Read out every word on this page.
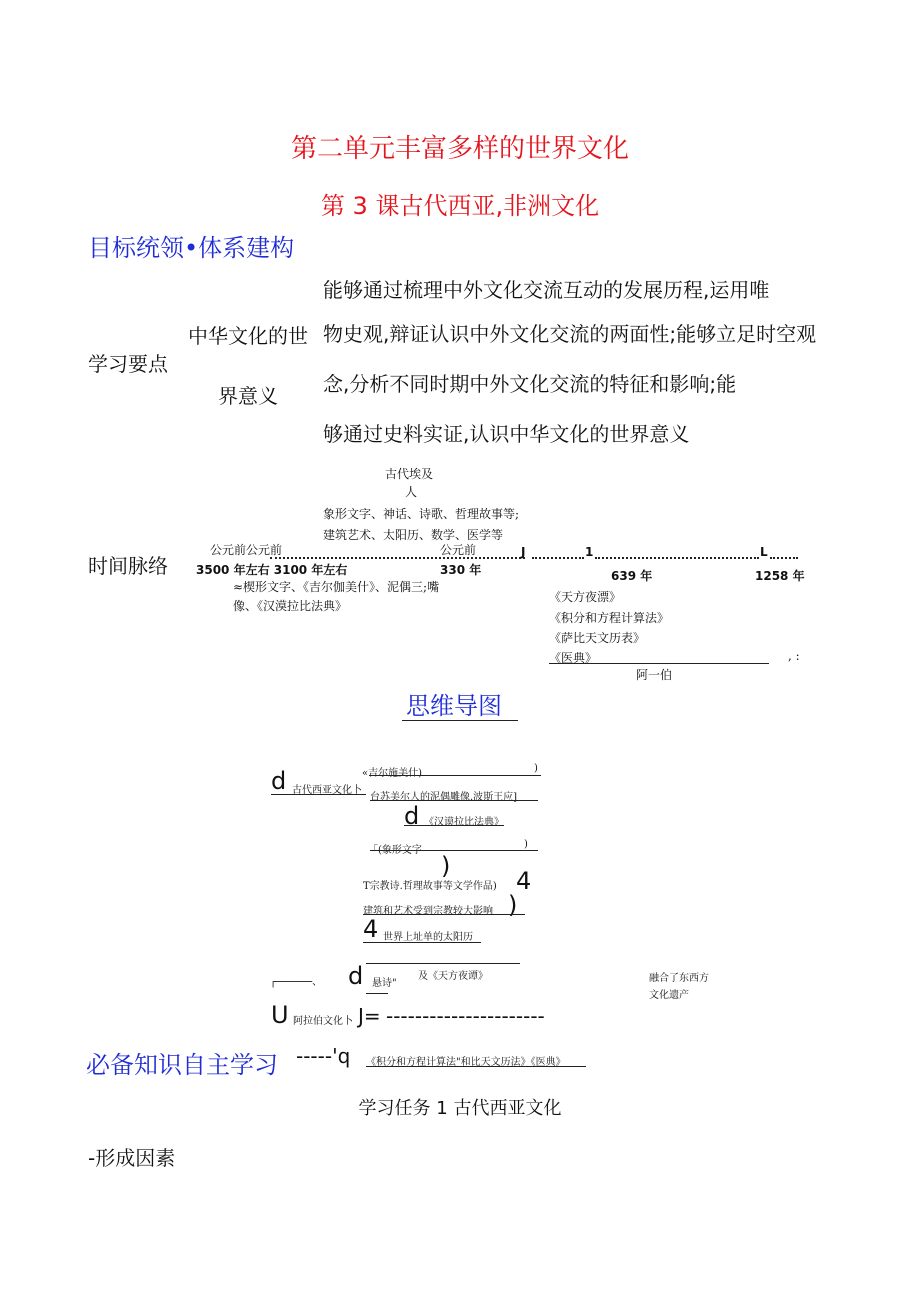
第二单元丰富多样的世界文化
第 3 课古代西亚,非洲文化
目标统领•体系建构
学习要点
中华文化的世
界意义
能够通过梳理中外文化交流互动的发展历程,运用唯
物史观,辩证认识中外文化交流的两面性;能够立足时空观
念,分析不同时期中外文化交流的特征和影响;能
够通过史料实证,认识中华文化的世界意义
时间脉络
古代埃及
人
象形文字、神话、诗歌、哲理故事等;
建筑艺术、太阳历、数学、医学等
公元前公元前	公元前	J	1	L
3500 年左右 3100 年左右	330 年	639 年	1258 年
≈楔形文字、《吉尔伽美什》、泥偶三;嘴
像、《汉漠拉比法典》
《天方夜漂》
《积分和方程计算法》
《萨比天文历表》
《医典》	, :
阿一伯
思维导图
d 古代西亚文化卜
«吉尔施美什)	)
台苏美尔人的泥偶雕像.波斯王应]
d 《汉谟拉比法典》
「(象形文字
)
)
T宗教诗.哲理故事等文学作品) 4
建筑和艺术受到宗教较大影响 )
4 世界上址单的太阳历
┌──────、 d 悬诗"
及《天方夜谭》	融合了东西方
文化遗产
U 阿拉伯文化卜 J= ----------------------
必备知识自主学习 -----'q 《积分和方程计算法"和比天文历法》《医典》
学习任务 1 古代西亚文化
-形成因素
